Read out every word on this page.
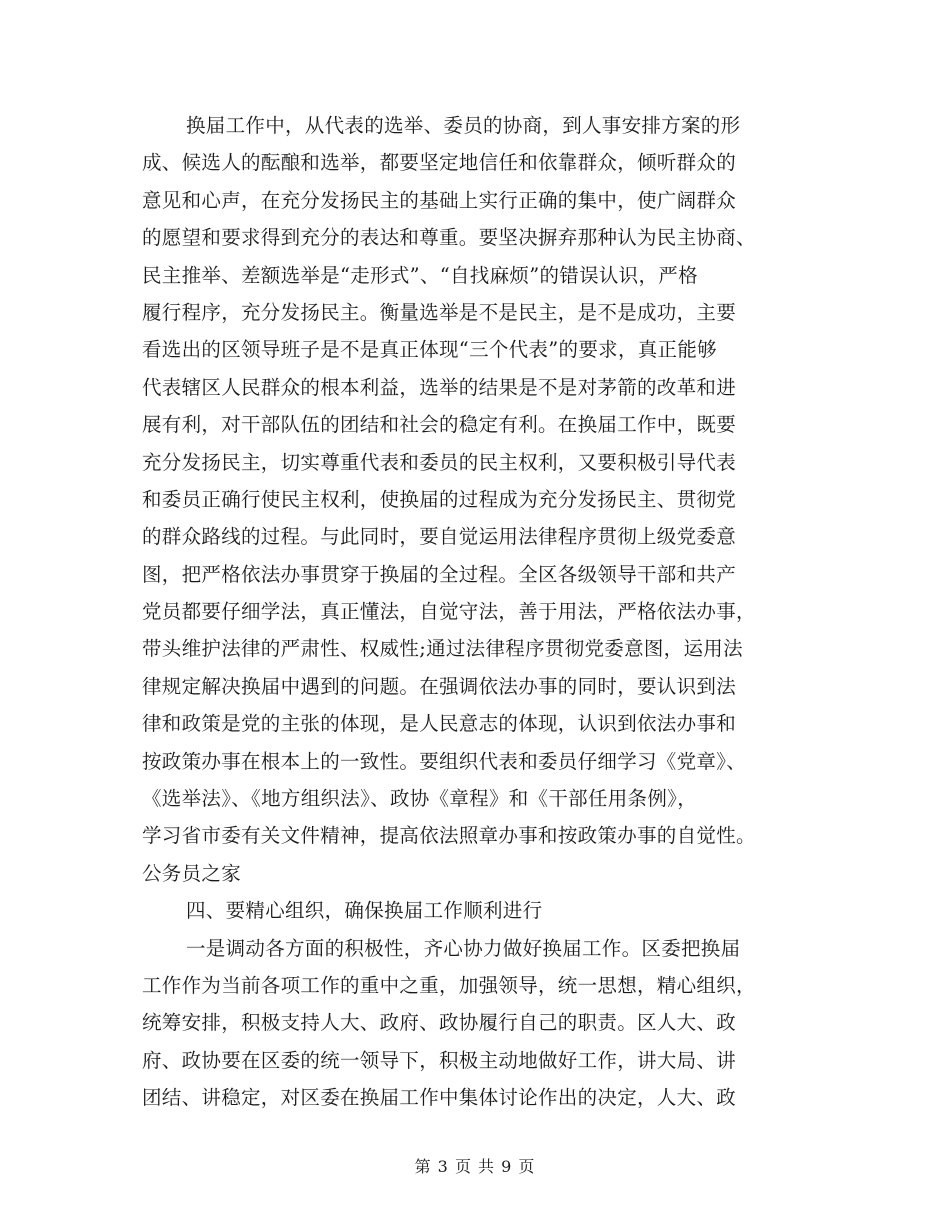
换届工作中，从代表的选举、委员的协商，到人事安排方案的形
成、候选人的酝酿和选举，都要坚定地信任和依靠群众，倾听群众的
意见和心声，在充分发扬民主的基础上实行正确的集中，使广阔群众
的愿望和要求得到充分的表达和尊重。要坚决摒弃那种认为民主协商、
民主推举、差额选举是“走形式”、“自找麻烦”的错误认识，严格
履行程序，充分发扬民主。衡量选举是不是民主，是不是成功，主要
看选出的区领导班子是不是真正体现“三个代表”的要求，真正能够
代表辖区人民群众的根本利益，选举的结果是不是对茅箭的改革和进
展有利，对干部队伍的团结和社会的稳定有利。在换届工作中，既要
充分发扬民主，切实尊重代表和委员的民主权利，又要积极引导代表
和委员正确行使民主权利，使换届的过程成为充分发扬民主、贯彻党
的群众路线的过程。与此同时，要自觉运用法律程序贯彻上级党委意
图，把严格依法办事贯穿于换届的全过程。全区各级领导干部和共产
党员都要仔细学法，真正懂法，自觉守法，善于用法，严格依法办事，
带头维护法律的严肃性、权威性;通过法律程序贯彻党委意图，运用法
律规定解决换届中遇到的问题。在强调依法办事的同时，要认识到法
律和政策是党的主张的体现，是人民意志的体现，认识到依法办事和
按政策办事在根本上的一致性。要组织代表和委员仔细学习《党章》、
《选举法》、《地方组织法》、政协《章程》和《干部任用条例》，
学习省市委有关文件精神，提高依法照章办事和按政策办事的自觉性。
公务员之家
四、要精心组织，确保换届工作顺利进行
一是调动各方面的积极性，齐心协力做好换届工作。区委把换届
工作作为当前各项工作的重中之重，加强领导，统一思想，精心组织，
统筹安排，积极支持人大、政府、政协履行自己的职责。区人大、政
府、政协要在区委的统一领导下，积极主动地做好工作，讲大局、讲
团结、讲稳定，对区委在换届工作中集体讨论作出的决定，人大、政
第 3 页 共 9 页
